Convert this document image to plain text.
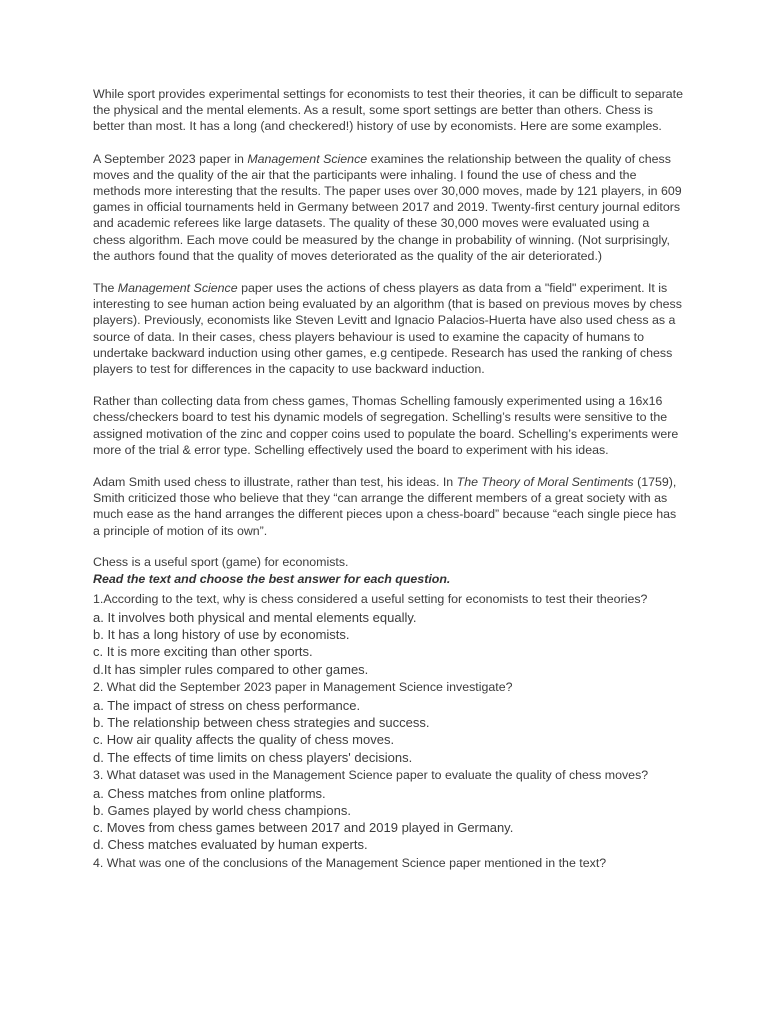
While sport provides experimental settings for economists to test their theories, it can be difficult to separate the physical and the mental elements. As a result, some sport settings are better than others. Chess is better than most. It has a long (and checkered!) history of use by economists. Here are some examples.

A September 2023 paper in Management Science examines the relationship between the quality of chess moves and the quality of the air that the participants were inhaling. I found the use of chess and the methods more interesting that the results. The paper uses over 30,000 moves, made by 121 players, in 609 games in official tournaments held in Germany between 2017 and 2019. Twenty-first century journal editors and academic referees like large datasets. The quality of these 30,000 moves were evaluated using a chess algorithm. Each move could be measured by the change in probability of winning. (Not surprisingly, the authors found that the quality of moves deteriorated as the quality of the air deteriorated.)

The Management Science paper uses the actions of chess players as data from a "field" experiment. It is interesting to see human action being evaluated by an algorithm (that is based on previous moves by chess players). Previously, economists like Steven Levitt and Ignacio Palacios-Huerta have also used chess as a source of data. In their cases, chess players behaviour is used to examine the capacity of humans to undertake backward induction using other games, e.g centipede. Research has used the ranking of chess players to test for differences in the capacity to use backward induction.

Rather than collecting data from chess games, Thomas Schelling famously experimented using a 16x16 chess/checkers board to test his dynamic models of segregation. Schelling’s results were sensitive to the assigned motivation of the zinc and copper coins used to populate the board. Schelling’s experiments were more of the trial & error type. Schelling effectively used the board to experiment with his ideas.

Adam Smith used chess to illustrate, rather than test, his ideas. In The Theory of Moral Sentiments (1759), Smith criticized those who believe that they “can arrange the different members of a great society with as much ease as the hand arranges the different pieces upon a chess-board” because “each single piece has a principle of motion of its own”.

Chess is a useful sport (game) for economists.

Read the text and choose the best answer for each question.

1.According to the text, why is chess considered a useful setting for economists to test their theories?

a. It involves both physical and mental elements equally.

b. It has a long history of use by economists.

c. It is more exciting than other sports.

d.It has simpler rules compared to other games.

2. What did the September 2023 paper in Management Science investigate?

a. The impact of stress on chess performance.

b. The relationship between chess strategies and success.

c. How air quality affects the quality of chess moves.

d. The effects of time limits on chess players' decisions.

3. What dataset was used in the Management Science paper to evaluate the quality of chess moves?

a. Chess matches from online platforms.

b. Games played by world chess champions.

c. Moves from chess games between 2017 and 2019 played in Germany.

d. Chess matches evaluated by human experts.

4. What was one of the conclusions of the Management Science paper mentioned in the text?
